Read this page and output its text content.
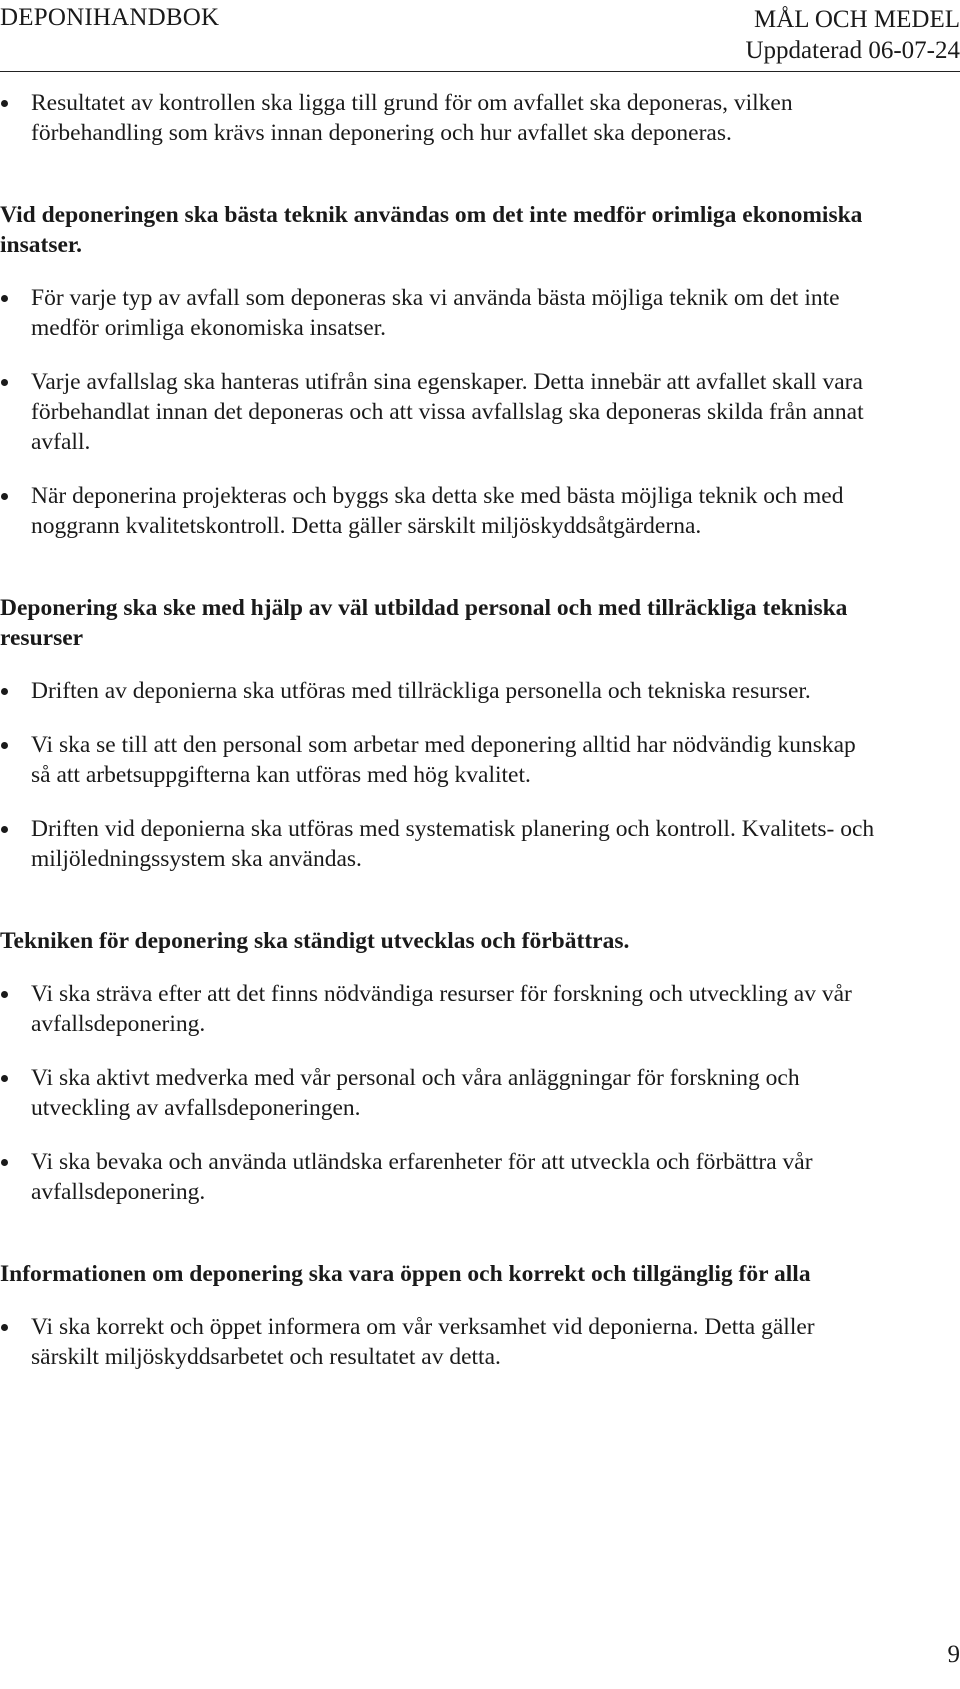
DEPONIHANDBOK	MÅL OCH MEDEL
Uppdaterad 06-07-24
Resultatet av kontrollen ska ligga till grund för om avfallet ska deponeras, vilken förbehandling som krävs innan deponering och hur avfallet ska deponeras.
Vid deponeringen ska bästa teknik användas om det inte medför orimliga ekonomiska insatser.
För varje typ av avfall som deponeras ska vi använda bästa möjliga teknik om det inte medför orimliga ekonomiska insatser.
Varje avfallslag ska hanteras utifrån sina egenskaper. Detta innebär att avfallet skall vara förbehandlat innan det deponeras och att vissa avfallslag ska deponeras skilda från annat avfall.
När deponerina projekteras och byggs ska detta ske med bästa möjliga teknik och med noggrann kvalitetskontroll. Detta gäller särskilt miljöskyddsåtgärderna.
Deponering ska ske med hjälp av väl utbildad personal och med tillräckliga tekniska resurser
Driften av deponierna ska utföras med tillräckliga personella och tekniska resurser.
Vi ska se till att den personal som arbetar med deponering alltid har nödvändig kunskap så att arbetsuppgifterna kan utföras med hög kvalitet.
Driften vid deponierna ska utföras med systematisk planering och kontroll. Kvalitets- och miljöledningssystem ska användas.
Tekniken för deponering ska ständigt utvecklas och förbättras.
Vi ska sträva efter att det finns nödvändiga resurser för forskning och utveckling av vår avfallsdeponering.
Vi ska aktivt medverka med vår personal och våra anläggningar för forskning och utveckling av avfallsdeponeringen.
Vi ska bevaka och använda utländska erfarenheter för att utveckla och förbättra vår avfallsdeponering.
Informationen om deponering ska vara öppen och korrekt och tillgänglig för alla
Vi ska korrekt och öppet informera om vår verksamhet vid deponierna. Detta gäller särskilt miljöskyddsarbetet och resultatet av detta.
9
